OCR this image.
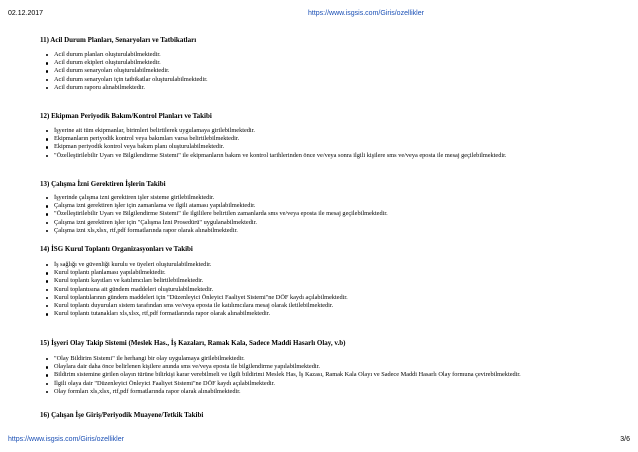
02.12.2017	https://www.isgsis.com/Giris/ozellikler
11) Acil Durum Planları, Senaryoları ve Tatbikatları
Acil durum planları oluşturulabilmektedir.
Acil durum ekipleri oluşturulabilmektedir.
Acil durum senaryoları oluşturulabilmektedir.
Acil durum senaryoları için tatbikatlar oluşturulabilmektedir.
Acil durum raporu alınabilmektedir.
12) Ekipman Periyodik Bakım/Kontrol Planları ve Takibi
İşyerine ait tüm ekipmanlar, birimleri belirtilerek uygulamaya girilebilmektedir.
Ekipmanların periyodik kontrol veya bakımları varsa belirtilebilmektedir.
Ekipman periyodik kontrol veya bakım planı oluşturulabilmektedir.
"Özelleştirilebilir Uyarı ve Bilgilendirme Sistemi" ile ekipmanların bakım ve kontrol tarihlerinden önce ve/veya sonra ilgili kişilere sms ve/veya eposta ile mesaj geçilebilmektedir.
13) Çalışma İzni Gerektiren İşlerin Takibi
İşyerinde çalışma izni gerektiren işler sisteme girilebilmektedir.
Çalışma izni gerektiren işler için zamanlama ve ilgili ataması yapılabilmektedir.
"Özelleştirilebilir Uyarı ve Bilgilendirme Sistemi" ile ilgililere belirtilen zamanlarda sms ve/veya eposta ile mesaj geçilebilmektedir.
Çalışma izni gerektiren işler için "Çalışma İzni Prosedürü" uygulanabilmektedir.
Çalışma izni xls,xlsx, rtf,pdf formatlarında rapor olarak alınabilmektedir.
14) İSG Kurul Toplantı Organizasyonları ve Takibi
İş sağlığı ve güvenliği kurulu ve üyeleri oluşturulabilmektedir.
Kurul toplantı planlaması yapılabilmektedir.
Kurul toplantı kayıtları ve katılımcıları belirtilebilmektedir.
Kurul toplantısına ait gündem maddeleri oluşturulabilmektedir.
Kurul toplantılarının gündem maddeleri için "Düzenleyici Önleyici Faaliyet Sistemi"ne DÖF kaydı açılabilmektedir.
Kurul toplantı duyuruları sistem tarafından sms ve/veya eposta ile katılımcılara mesaj olarak iletilebilmektedir.
Kurul toplantı tutanakları xls,xlsx, rtf,pdf formatlarında rapor olarak alınabilmektedir.
15) İşyeri Olay Takip Sistemi (Meslek Has., İş Kazaları, Ramak Kala, Sadece Maddi Hasarlı Olay, v.b)
"Olay Bildirim Sistemi" ile herhangi bir olay uygulamaya girilebilmektedir.
Olaylara dair daha önce belirlenen kişilere anında sms ve/veya eposta ile bilgilendirme yapılabilmektedir.
Bildirim sistemine girilen olayın türüne bilirkişi karar verebilmeli ve ilgili bildirimi Meslek Has, İş Kazası, Ramak Kala Olayı ve Sadece Maddi Hasarlı Olay formuna çevirebilmektedir.
İlgili olaya dair "Düzenleyici Önleyici Faaliyet Sistemi"ne DÖF kaydı açılabilmektedir.
Olay formları xls,xlsx, rtf,pdf formatlarında rapor olarak alınabilmektedir.
16) Çalışan İşe Giriş/Periyodik Muayene/Tetkik Takibi
https://www.isgsis.com/Giris/ozellikler	3/6
